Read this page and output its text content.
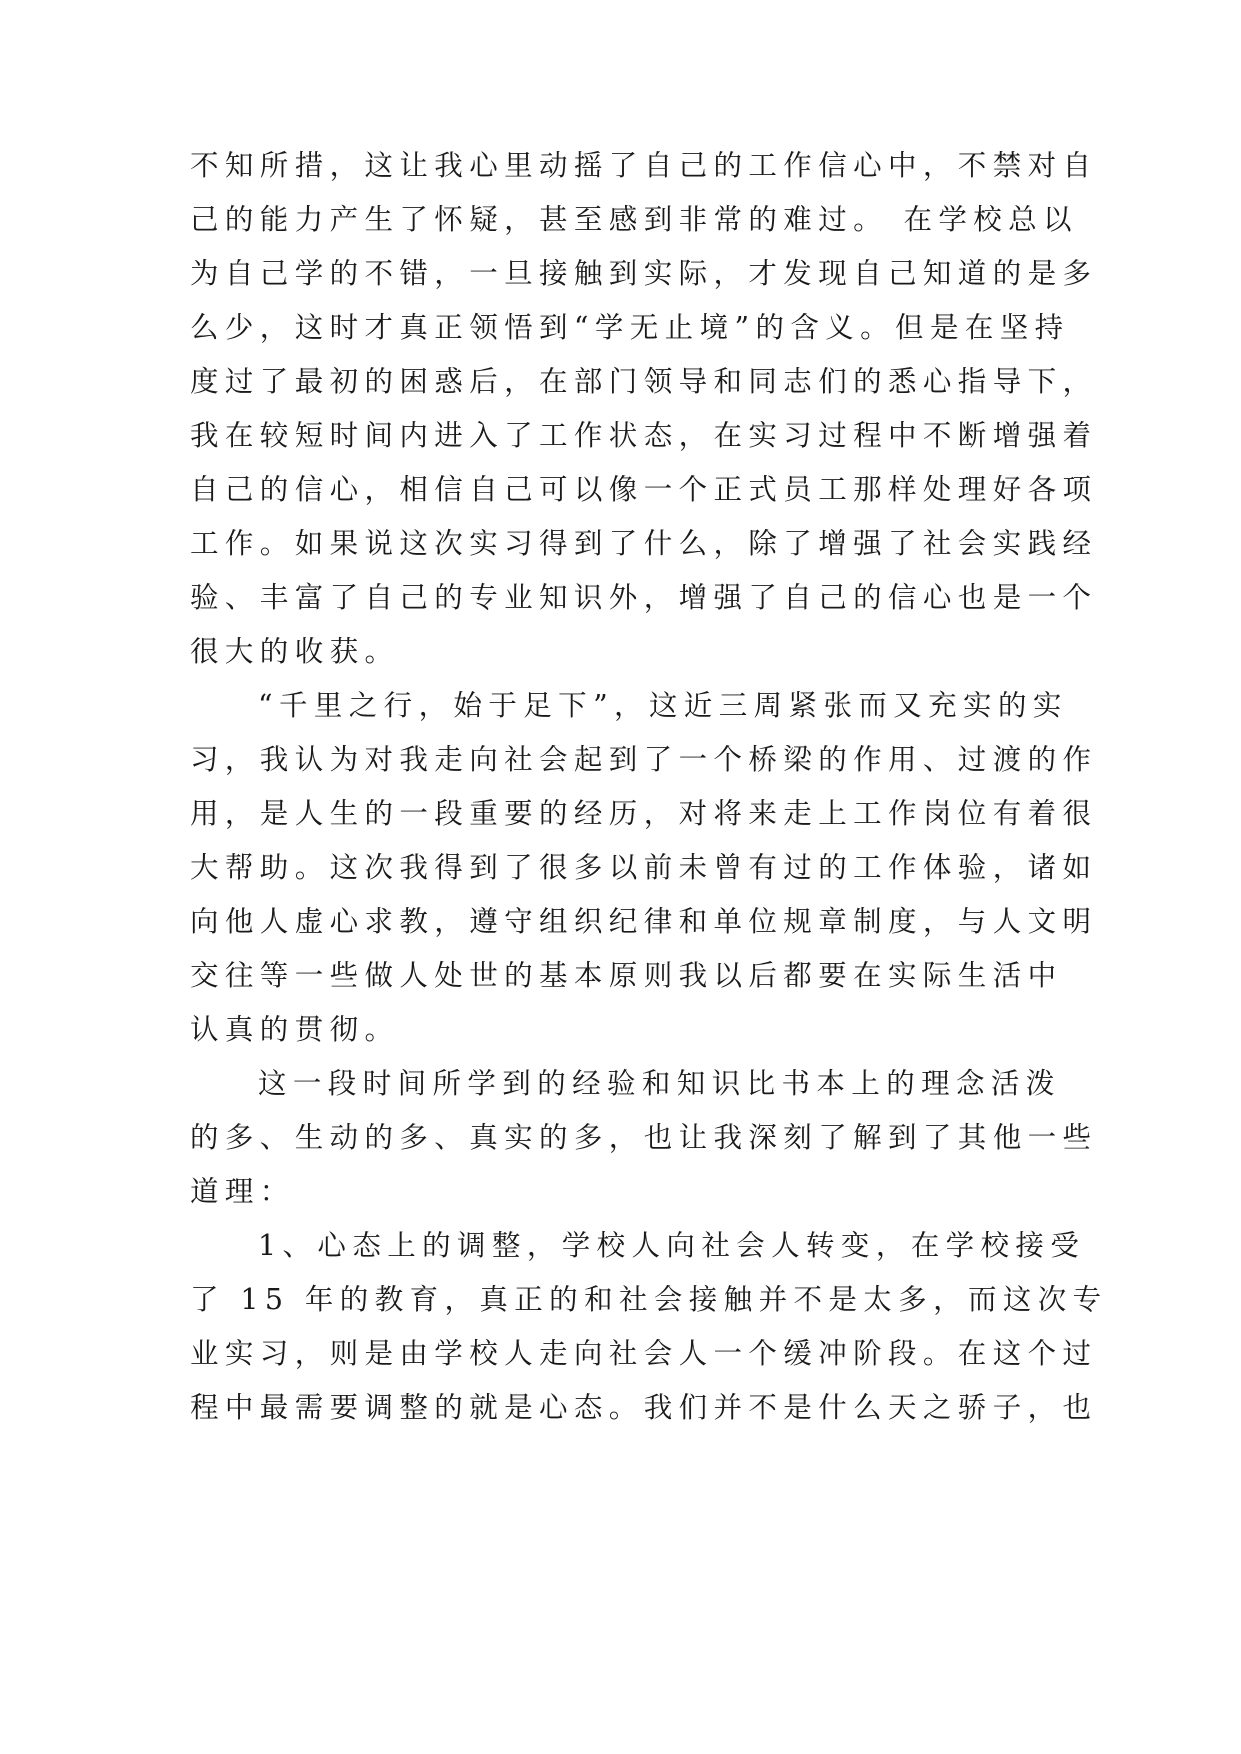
不知所措，这让我心里动摇了自己的工作信心中，不禁对自

己的能力产生了怀疑，甚至感到非常的难过。 在学校总以

为自己学的不错，一旦接触到实际，才发现自己知道的是多

么少，这时才真正领悟到“学无止境”的含义。但是在坚持

度过了最初的困惑后，在部门领导和同志们的悉心指导下，

我在较短时间内进入了工作状态，在实习过程中不断增强着

自己的信心，相信自己可以像一个正式员工那样处理好各项

工作。如果说这次实习得到了什么，除了增强了社会实践经

验、丰富了自己的专业知识外，增强了自己的信心也是一个

很大的收获。

“千里之行，始于足下”，这近三周紧张而又充实的实

习，我认为对我走向社会起到了一个桥梁的作用、过渡的作

用，是人生的一段重要的经历，对将来走上工作岗位有着很

大帮助。这次我得到了很多以前未曾有过的工作体验，诸如

向他人虚心求教，遵守组织纪律和单位规章制度，与人文明

交往等一些做人处世的基本原则我以后都要在实际生活中

认真的贯彻。

这一段时间所学到的经验和知识比书本上的理念活泼

的多、生动的多、真实的多，也让我深刻了解到了其他一些

道理：

1、心态上的调整，学校人向社会人转变，在学校接受

了 15 年的教育，真正的和社会接触并不是太多，而这次专

业实习，则是由学校人走向社会人一个缓冲阶段。在这个过

程中最需要调整的就是心态。我们并不是什么天之骄子，也
